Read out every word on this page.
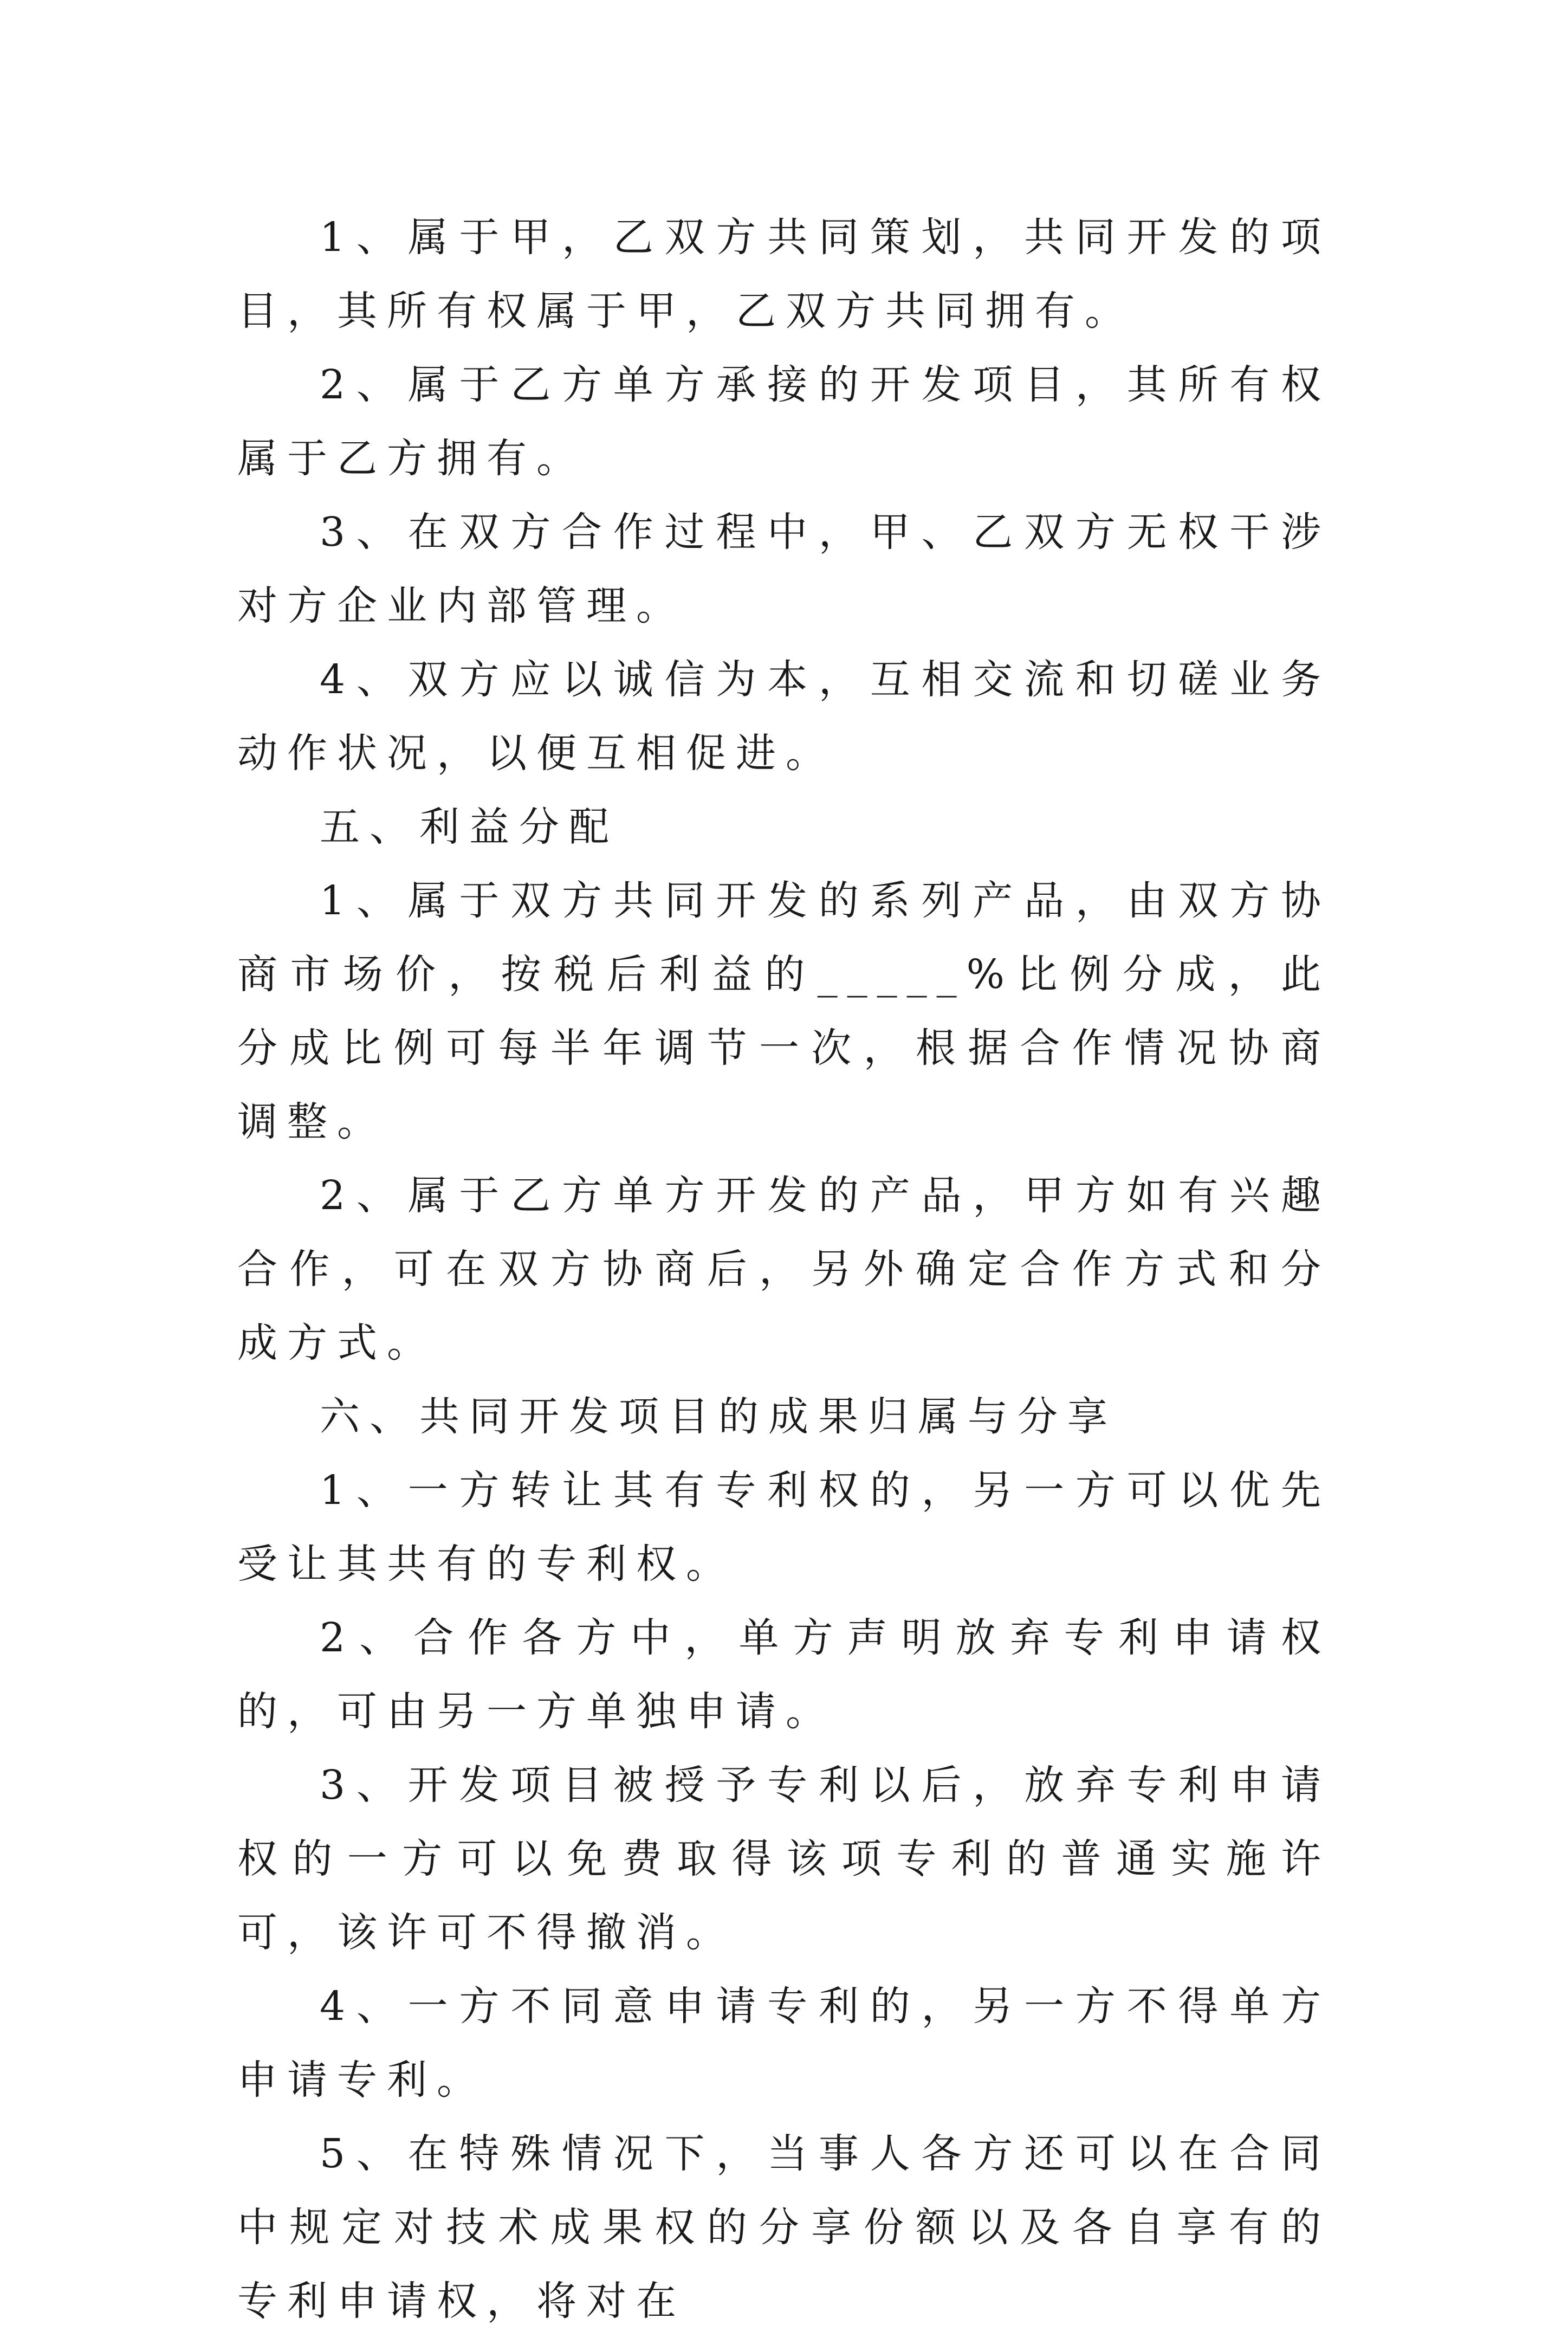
1、属于甲，乙双方共同策划，共同开发的项目，其所有权属于甲，乙双方共同拥有。

2、属于乙方单方承接的开发项目，其所有权属于乙方拥有。

3、在双方合作过程中，甲、乙双方无权干涉对方企业内部管理。

4、双方应以诚信为本，互相交流和切磋业务动作状况，以便互相促进。

五、利益分配

1、属于双方共同开发的系列产品，由双方协商市场价，按税后利益的_____%比例分成，此分成比例可每半年调节一次，根据合作情况协商调整。

2、属于乙方单方开发的产品，甲方如有兴趣合作，可在双方协商后，另外确定合作方式和分成方式。

六、共同开发项目的成果归属与分享

1、一方转让其有专利权的，另一方可以优先受让其共有的专利权。

2、合作各方中，单方声明放弃专利申请权的，可由另一方单独申请。

3、开发项目被授予专利以后，放弃专利申请权的一方可以免费取得该项专利的普通实施许可，该许可不得撤消。

4、一方不同意申请专利的，另一方不得单方申请专利。

5、在特殊情况下，当事人各方还可以在合同中规定对技术成果权的分享份额以及各自享有的专利申请权，将对在
